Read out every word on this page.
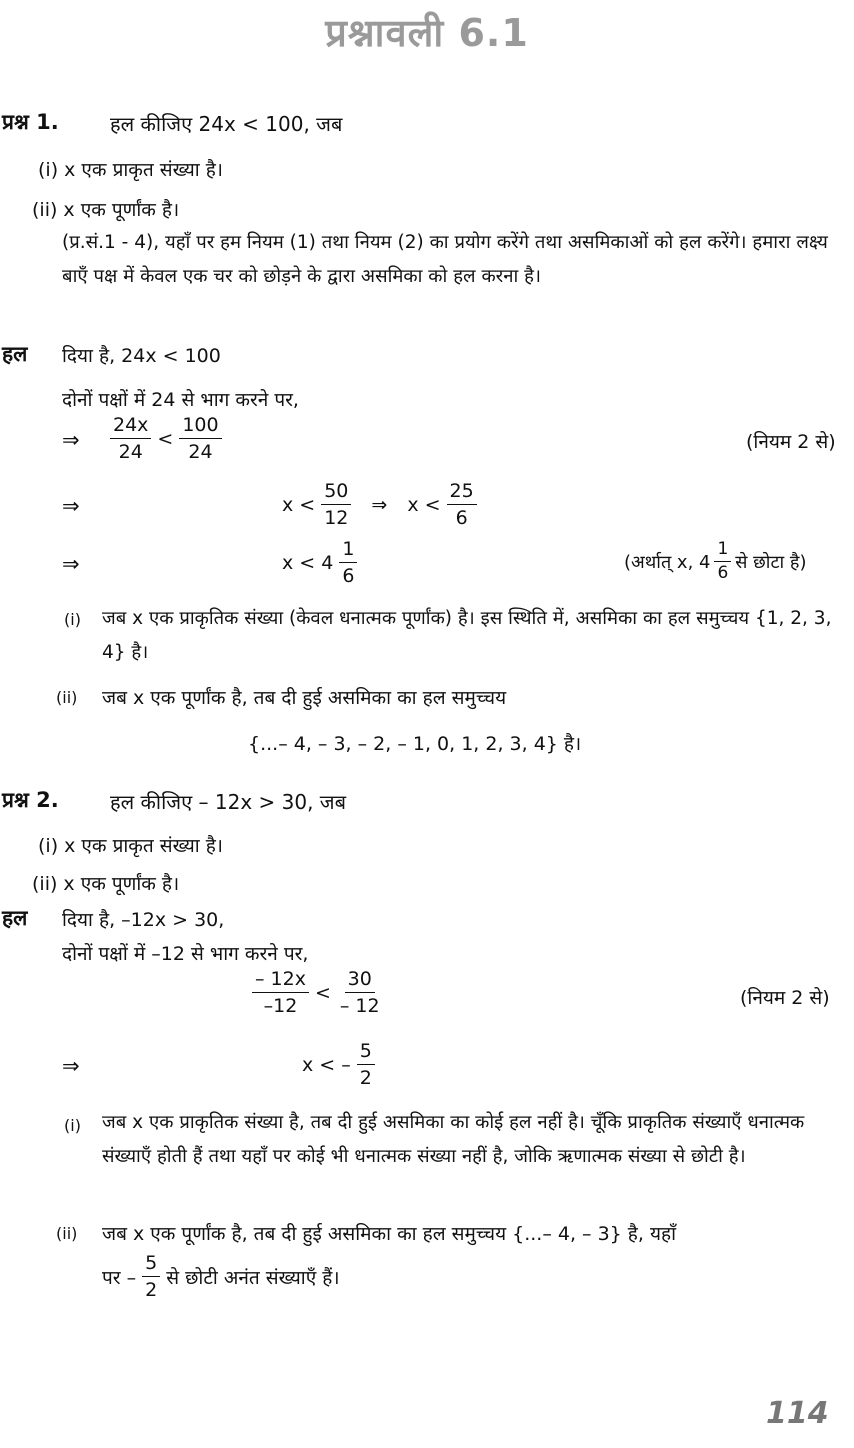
प्रश्नावली 6.1
प्रश्न 1.	हल कीजिए 24x < 100, जब
(i) x एक प्राकृत संख्या है।
(ii) x एक पूर्णांक है।
(प्र.सं.1 - 4), यहाँ पर हम नियम (1) तथा नियम (2) का प्रयोग करेंगे तथा असमिकाओं को हल करेंगे। हमारा लक्ष्य बाएँ पक्ष में केवल एक चर को छोड़ने के द्वारा असमिका को हल करना है।
हल दिया है, 24x < 100
दोनों पक्षों में 24 से भाग करने पर,
⇒ $\frac{24x}{24} < \frac{100}{24}$	(नियम 2 से)
⇒	$x < \frac{50}{12}$ ⇒ $x < \frac{25}{6}$
⇒	$x < 4 \frac{1}{6}$	(अर्थात् x, $4 \frac{1}{6}$ से छोटा है)
(i) जब x एक प्राकृतिक संख्या (केवल धनात्मक पूर्णांक) है। इस स्थिति में, असमिका का हल समुच्चय {1, 2, 3, 4} है।
(ii) जब x एक पूर्णांक है, तब दी हुई असमिका का हल समुच्चय
{...– 4, – 3, – 2, – 1, 0, 1, 2, 3, 4} है।
प्रश्न 2.	हल कीजिए – 12x > 30, जब
(i) x एक प्राकृत संख्या है।
(ii) x एक पूर्णांक है।
हल दिया है, –12x > 30,
दोनों पक्षों में –12 से भाग करने पर,
$\frac{- 12x}{-12} < \frac{30}{- 12}$	(नियम 2 से)
⇒	x < – $\frac{5}{2}$
(i) जब x एक प्राकृतिक संख्या है, तब दी हुई असमिका का कोई हल नहीं है। चूँकि प्राकृतिक संख्याएँ धनात्मक संख्याएँ होती हैं तथा यहाँ पर कोई भी धनात्मक संख्या नहीं है, जोकि ऋणात्मक संख्या से छोटी है।
(ii) जब x एक पूर्णांक है, तब दी हुई असमिका का हल समुच्चय {...– 4, – 3} है, यहाँ
पर – $\frac{5}{2}$ से छोटी अनंत संख्याएँ हैं।
114
